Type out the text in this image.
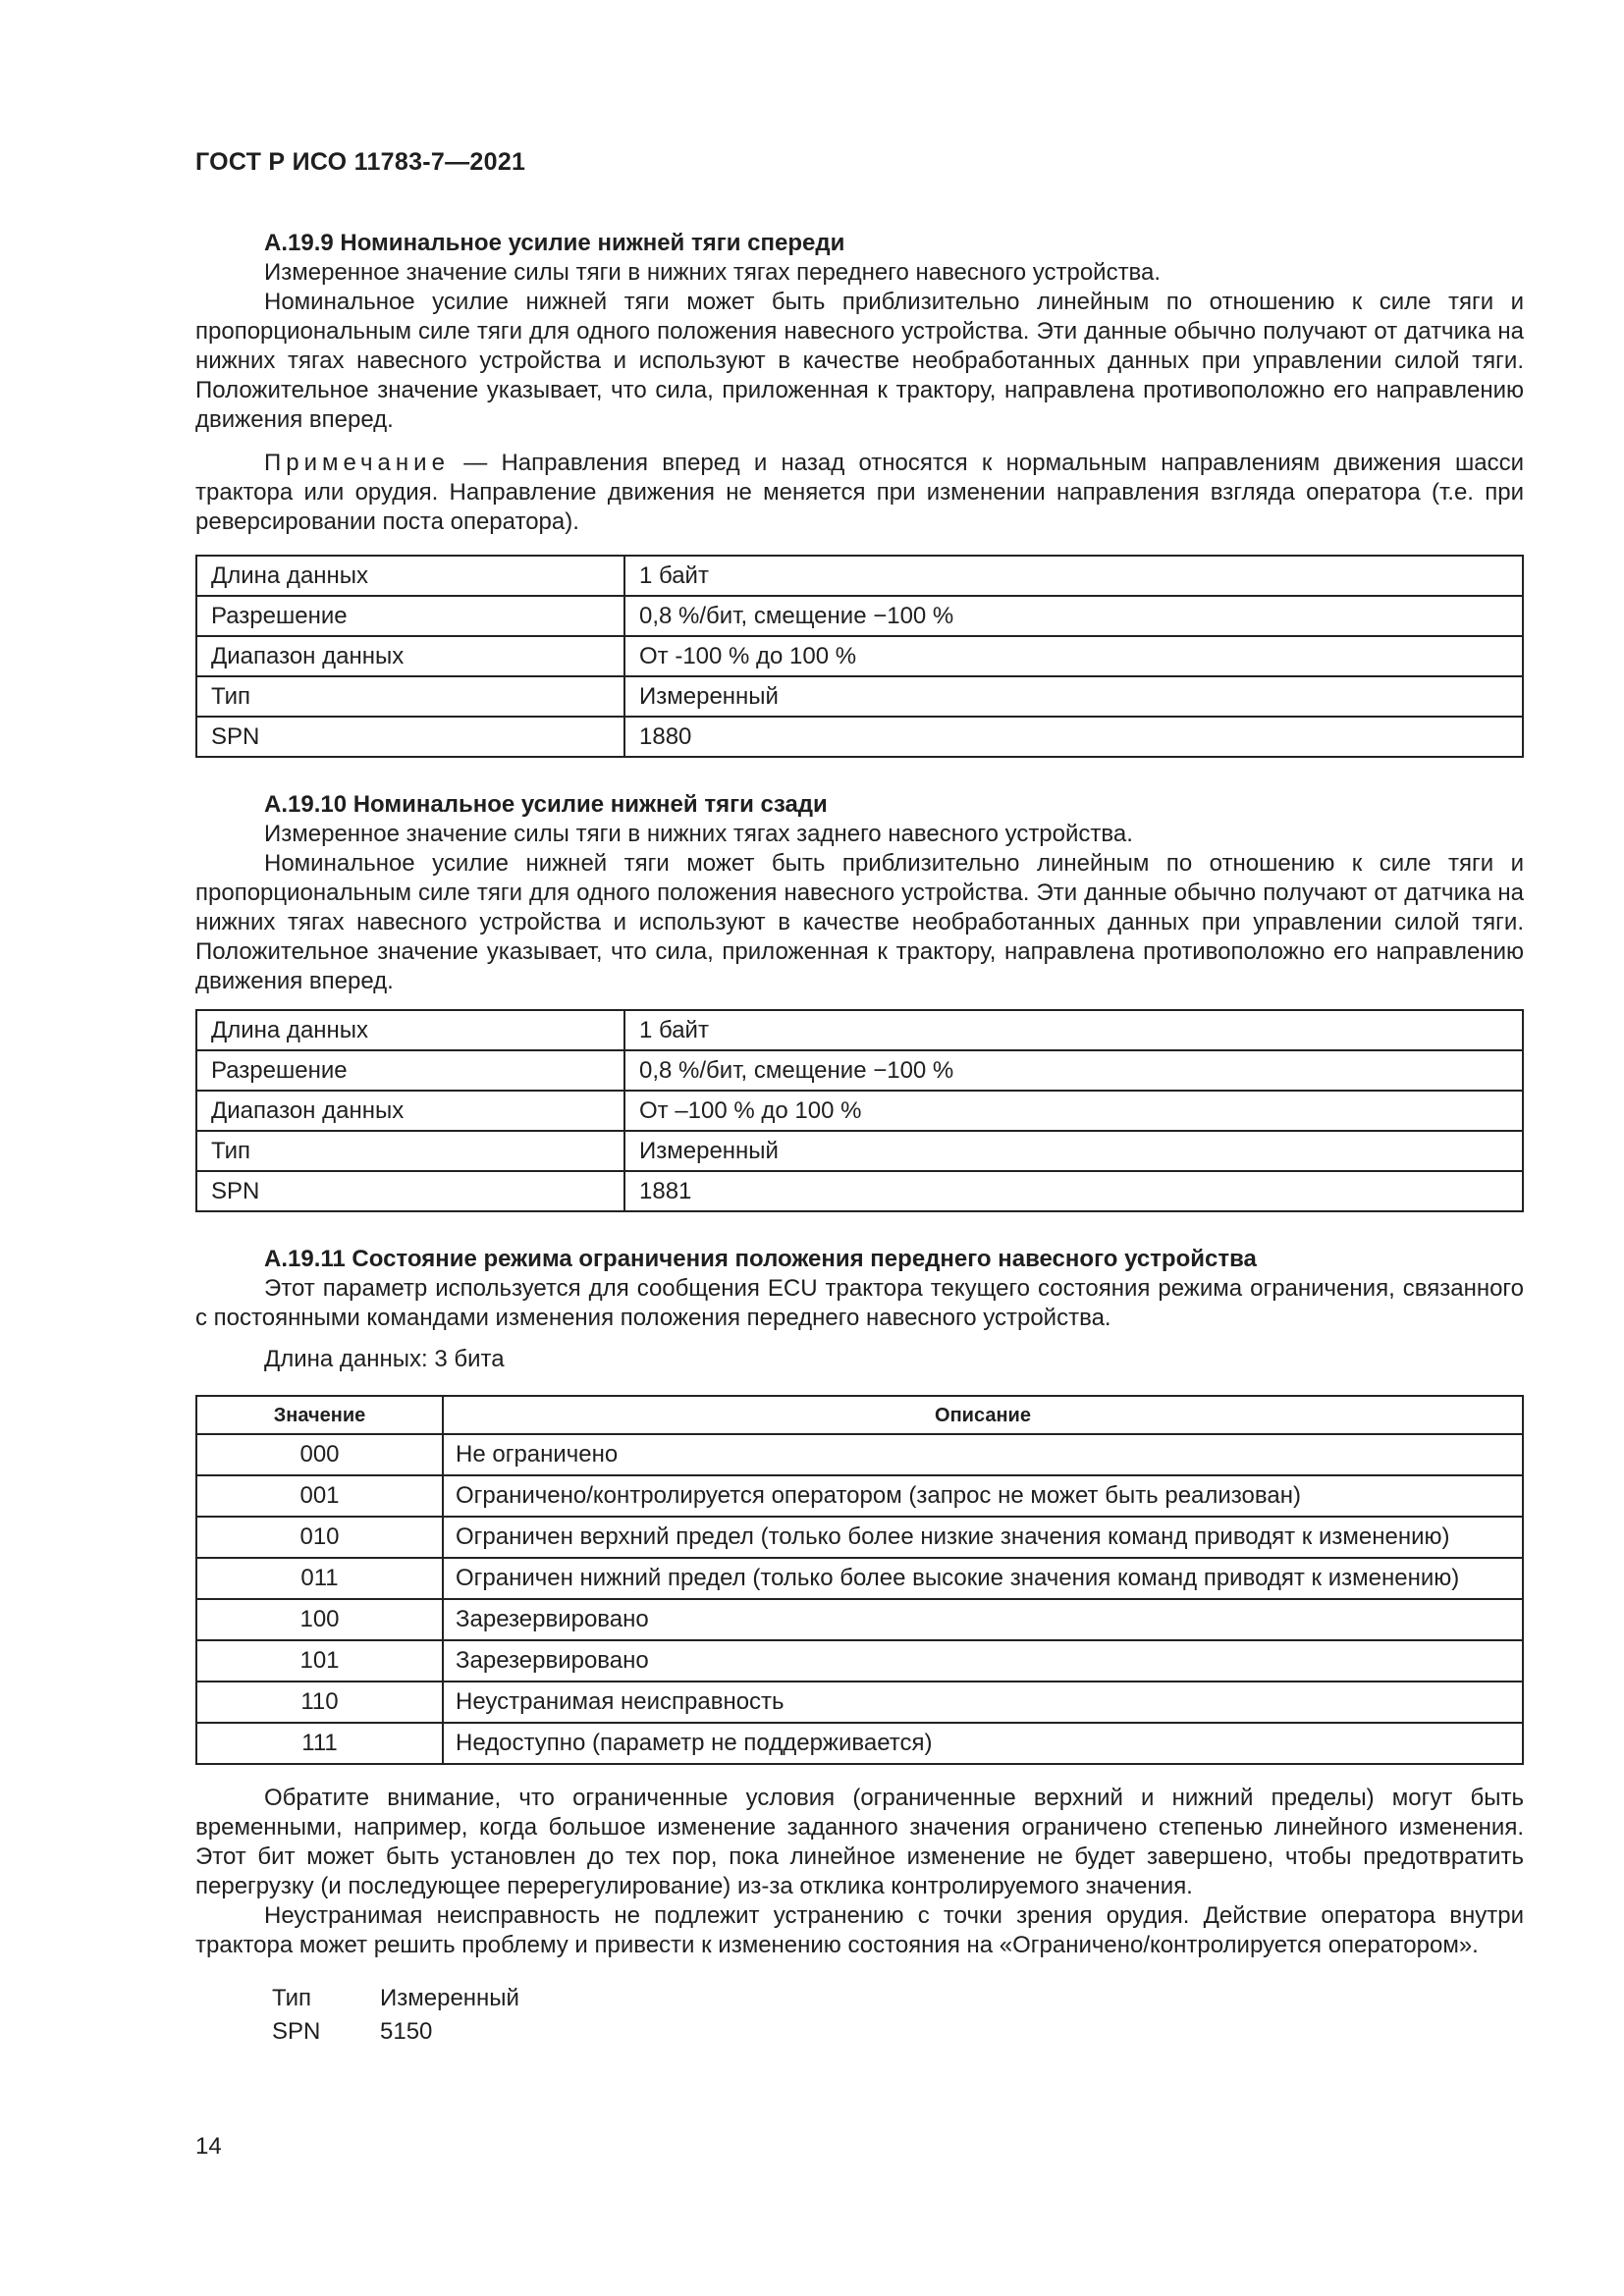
ГОСТ Р ИСО 11783-7—2021

А.19.9 Номинальное усилие нижней тяги спереди

Измеренное значение силы тяги в нижних тягах переднего навесного устройства.

Номинальное усилие нижней тяги может быть приблизительно линейным по отношению к силе тяги и пропорциональным силе тяги для одного положения навесного устройства. Эти данные обычно получают от датчика на нижних тягах навесного устройства и используют в качестве необработанных данных при управлении силой тяги. Положительное значение указывает, что сила, приложенная к трактору, направлена противоположно его направлению движения вперед.

Примечание — Направления вперед и назад относятся к нормальным направлениям движения шасси трактора или орудия. Направление движения не меняется при изменении направления взгляда оператора (т.е. при реверсировании поста оператора).

Длина данных	1 байт
Разрешение	0,8 %/бит, смещение −100 %
Диапазон данных	От -100 % до 100 %
Тип	Измеренный
SPN	1880

А.19.10 Номинальное усилие нижней тяги сзади

Измеренное значение силы тяги в нижних тягах заднего навесного устройства.

Номинальное усилие нижней тяги может быть приблизительно линейным по отношению к силе тяги и пропорциональным силе тяги для одного положения навесного устройства. Эти данные обычно получают от датчика на нижних тягах навесного устройства и используют в качестве необработанных данных при управлении силой тяги. Положительное значение указывает, что сила, приложенная к трактору, направлена противоположно его направлению движения вперед.

Длина данных	1 байт
Разрешение	0,8 %/бит, смещение −100 %
Диапазон данных	От –100 % до 100 %
Тип	Измеренный
SPN	1881

А.19.11 Состояние режима ограничения положения переднего навесного устройства

Этот параметр используется для сообщения ECU трактора текущего состояния режима ограничения, связанного с постоянными командами изменения положения переднего навесного устройства.

Длина данных: 3 бита

Значение	Описание
000	Не ограничено
001	Ограничено/контролируется оператором (запрос не может быть реализован)
010	Ограничен верхний предел (только более низкие значения команд приводят к изменению)
011	Ограничен нижний предел (только более высокие значения команд приводят к изменению)
100	Зарезервировано
101	Зарезервировано
110	Неустранимая неисправность
111	Недоступно (параметр не поддерживается)

Обратите внимание, что ограниченные условия (ограниченные верхний и нижний пределы) могут быть временными, например, когда большое изменение заданного значения ограничено степенью линейного изменения. Этот бит может быть установлен до тех пор, пока линейное изменение не будет завершено, чтобы предотвратить перегрузку (и последующее перерегулирование) из-за отклика контролируемого значения.

Неустранимая неисправность не подлежит устранению с точки зрения орудия. Действие оператора внутри трактора может решить проблему и привести к изменению состояния на «Ограничено/контролируется оператором».

Тип	Измеренный
SPN	5150
14
